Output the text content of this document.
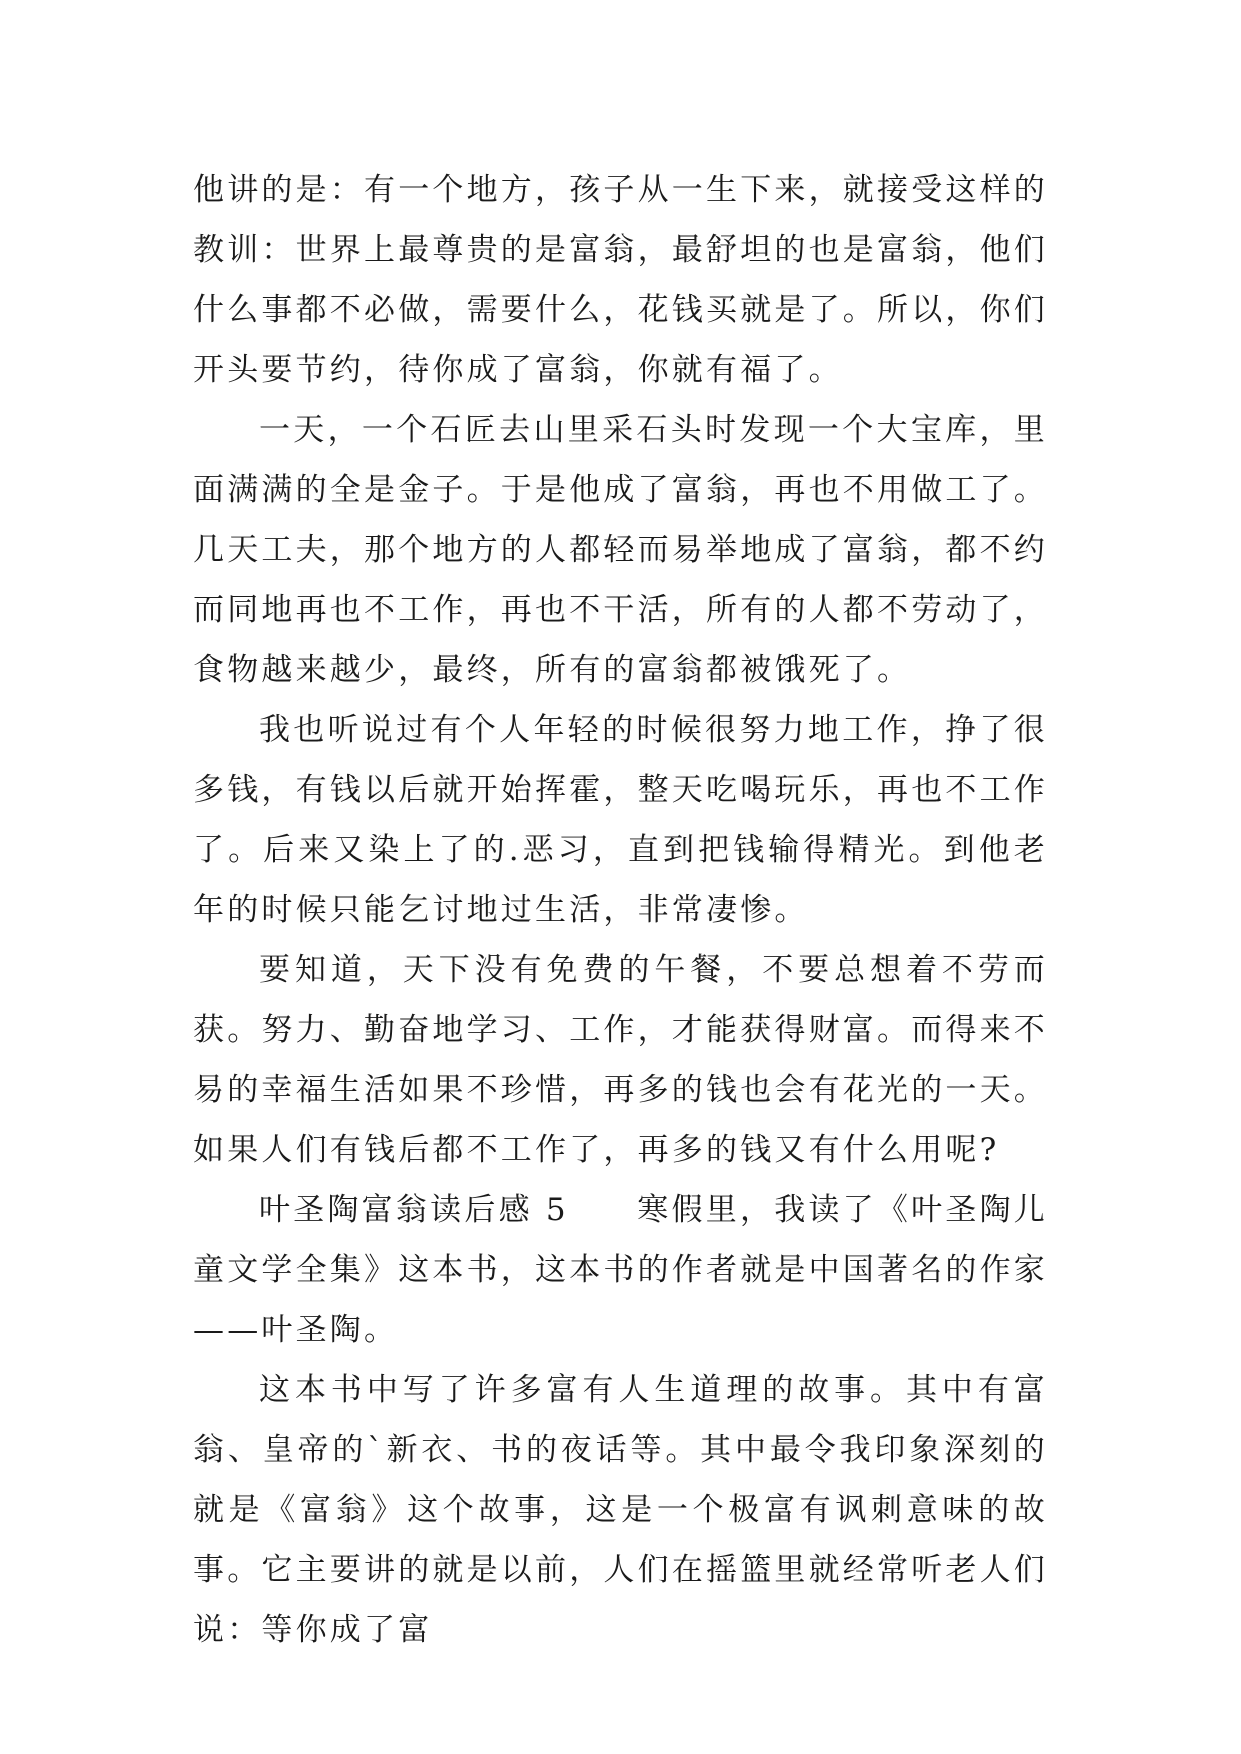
他讲的是：有一个地方，孩子从一生下来，就接受这样的教训：世界上最尊贵的是富翁，最舒坦的也是富翁，他们什么事都不必做，需要什么，花钱买就是了。所以，你们开头要节约，待你成了富翁，你就有福了。

一天，一个石匠去山里采石头时发现一个大宝库，里面满满的全是金子。于是他成了富翁，再也不用做工了。几天工夫，那个地方的人都轻而易举地成了富翁，都不约而同地再也不工作，再也不干活，所有的人都不劳动了，食物越来越少，最终，所有的富翁都被饿死了。

我也听说过有个人年轻的时候很努力地工作，挣了很多钱，有钱以后就开始挥霍，整天吃喝玩乐，再也不工作了。后来又染上了的.恶习，直到把钱输得精光。到他老年的时候只能乞讨地过生活，非常凄惨。

要知道，天下没有免费的午餐，不要总想着不劳而获。努力、勤奋地学习、工作，才能获得财富。而得来不易的幸福生活如果不珍惜，再多的钱也会有花光的一天。如果人们有钱后都不工作了，再多的钱又有什么用呢?

叶圣陶富翁读后感 5　　寒假里，我读了《叶圣陶儿童文学全集》这本书，这本书的作者就是中国著名的作家——叶圣陶。

这本书中写了许多富有人生道理的故事。其中有富翁、皇帝的`新衣、书的夜话等。其中最令我印象深刻的就是《富翁》这个故事，这是一个极富有讽刺意味的故事。它主要讲的就是以前，人们在摇篮里就经常听老人们说：等你成了富
